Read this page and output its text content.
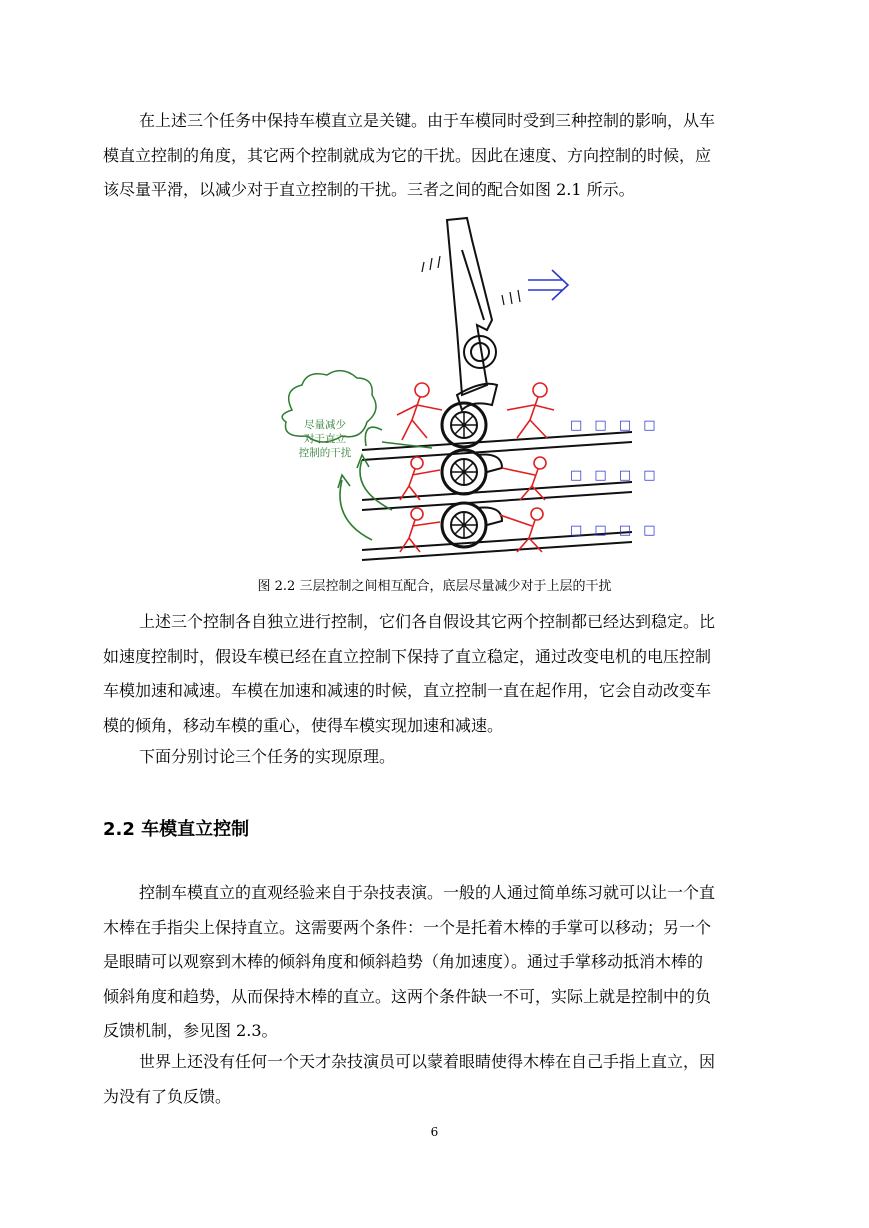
在上述三个任务中保持车模直立是关键。由于车模同时受到三种控制的影响，从车
模直立控制的角度，其它两个控制就成为它的干扰。因此在速度、方向控制的时候，应
该尽量平滑，以减少对于直立控制的干扰。三者之间的配合如图 2.1 所示。
尽量减少
对于直立
控制的干扰
□ □ □ □
□ □ □ □
□ □ □ □
图 2.2 三层控制之间相互配合，底层尽量减少对于上层的干扰
上述三个控制各自独立进行控制，它们各自假设其它两个控制都已经达到稳定。比
如速度控制时，假设车模已经在直立控制下保持了直立稳定，通过改变电机的电压控制
车模加速和减速。车模在加速和减速的时候，直立控制一直在起作用，它会自动改变车
模的倾角，移动车模的重心，使得车模实现加速和减速。
下面分别讨论三个任务的实现原理。
2.2 车模直立控制
控制车模直立的直观经验来自于杂技表演。一般的人通过简单练习就可以让一个直
木棒在手指尖上保持直立。这需要两个条件：一个是托着木棒的手掌可以移动；另一个
是眼睛可以观察到木棒的倾斜角度和倾斜趋势（角加速度）。通过手掌移动抵消木棒的
倾斜角度和趋势，从而保持木棒的直立。这两个条件缺一不可，实际上就是控制中的负
反馈机制，参见图 2.3。
世界上还没有任何一个天才杂技演员可以蒙着眼睛使得木棒在自己手指上直立，因
为没有了负反馈。
6
